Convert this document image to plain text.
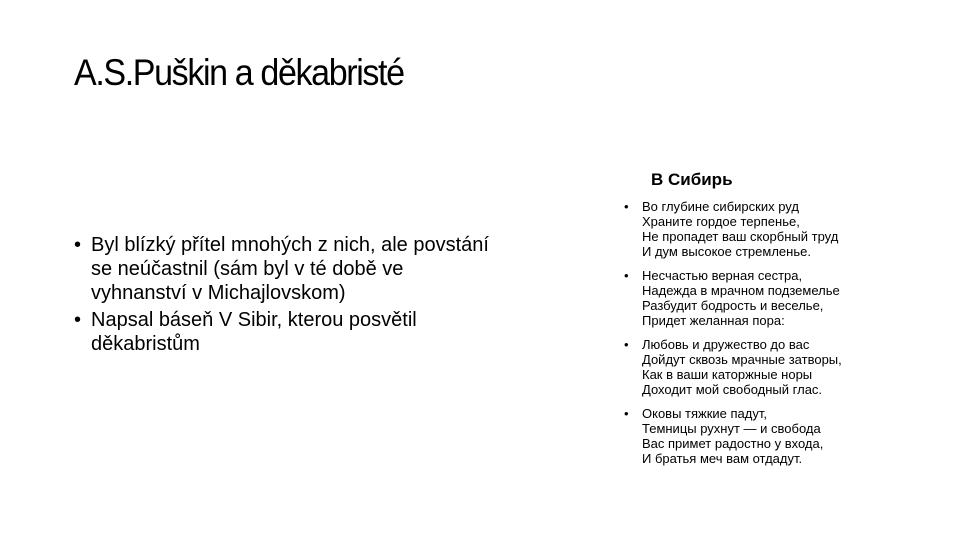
A.S.Puškin a děkabristé
• Byl blízký přítel mnohých z nich, ale povstání se neúčastnil (sám byl v té době ve vyhnanství v Michajlovskom)
• Napsal báseň V Sibir, kterou posvětil děkabristům
В Сибирь
• Во глубине сибирских руд
Храните гордое терпенье,
Не пропадет ваш скорбный труд
И дум высокое стремленье.
• Несчастью верная сестра,
Надежда в мрачном подземелье
Разбудит бодрость и веселье,
Придет желанная пора:
• Любовь и дружество до вас
Дойдут сквозь мрачные затворы,
Как в ваши каторжные норы
Доходит мой свободный глас.
• Оковы тяжкие падут,
Темницы рухнут — и свобода
Вас примет радостно у входа,
И братья меч вам отдадут.
